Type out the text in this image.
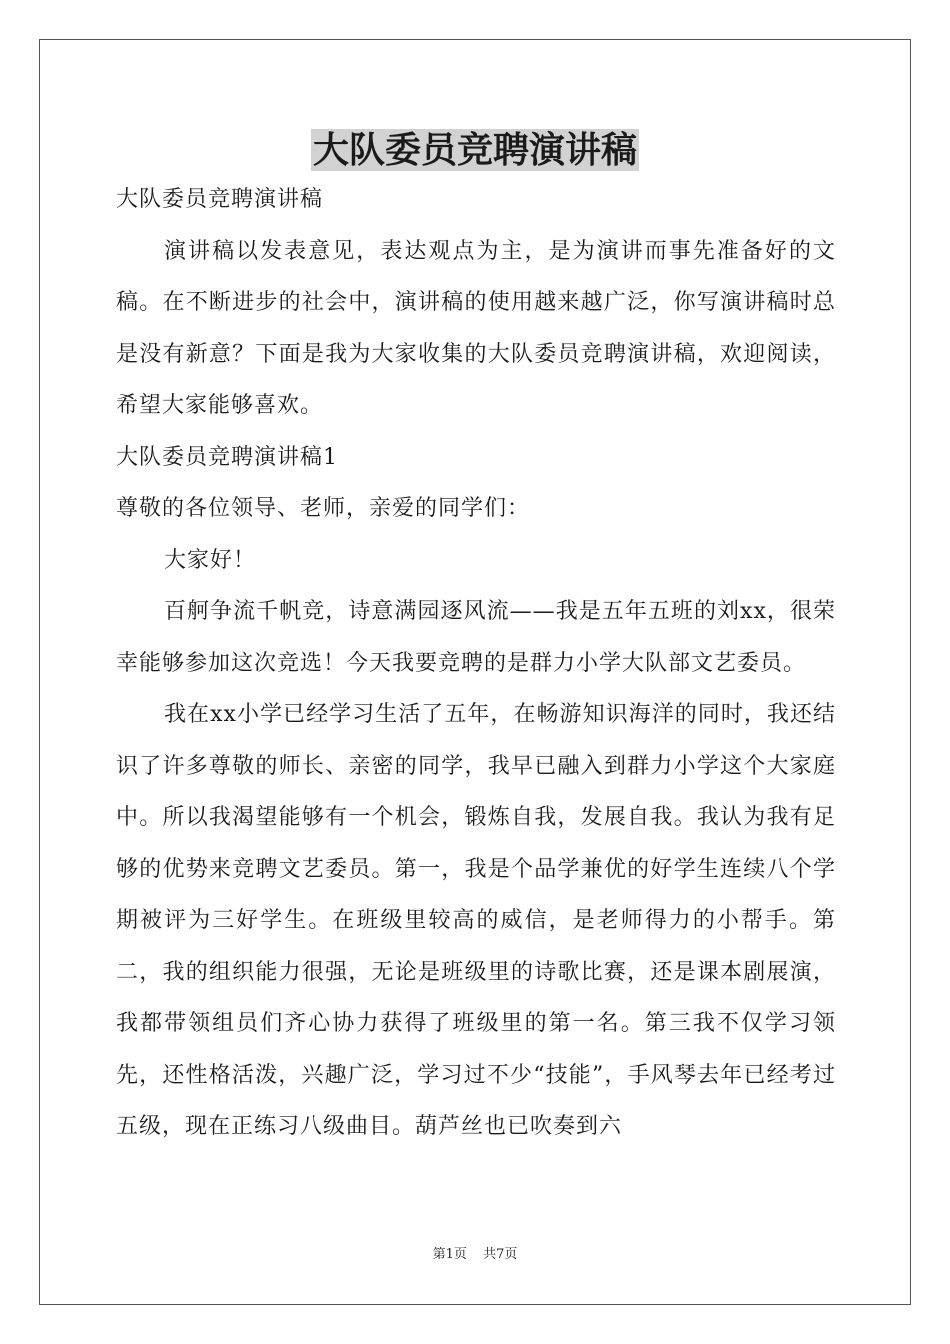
大队委员竞聘演讲稿

大队委员竞聘演讲稿

演讲稿以发表意见，表达观点为主，是为演讲而事先准备好的文稿。在不断进步的社会中，演讲稿的使用越来越广泛，你写演讲稿时总是没有新意？下面是我为大家收集的大队委员竞聘演讲稿，欢迎阅读，希望大家能够喜欢。

大队委员竞聘演讲稿1

尊敬的各位领导、老师，亲爱的同学们：

大家好！

百舸争流千帆竞，诗意满园逐风流——我是五年五班的刘xx，很荣幸能够参加这次竞选！今天我要竞聘的是群力小学大队部文艺委员。

我在xx小学已经学习生活了五年，在畅游知识海洋的同时，我还结识了许多尊敬的师长、亲密的同学，我早已融入到群力小学这个大家庭中。所以我渴望能够有一个机会，锻炼自我，发展自我。我认为我有足够的优势来竞聘文艺委员。第一，我是个品学兼优的好学生连续八个学期被评为三好学生。在班级里较高的威信，是老师得力的小帮手。第二，我的组织能力很强，无论是班级里的诗歌比赛，还是课本剧展演，我都带领组员们齐心协力获得了班级里的第一名。第三我不仅学习领先，还性格活泼，兴趣广泛，学习过不少“技能”，手风琴去年已经考过五级，现在正练习八级曲目。葫芦丝也已吹奏到六

第1页 共7页
